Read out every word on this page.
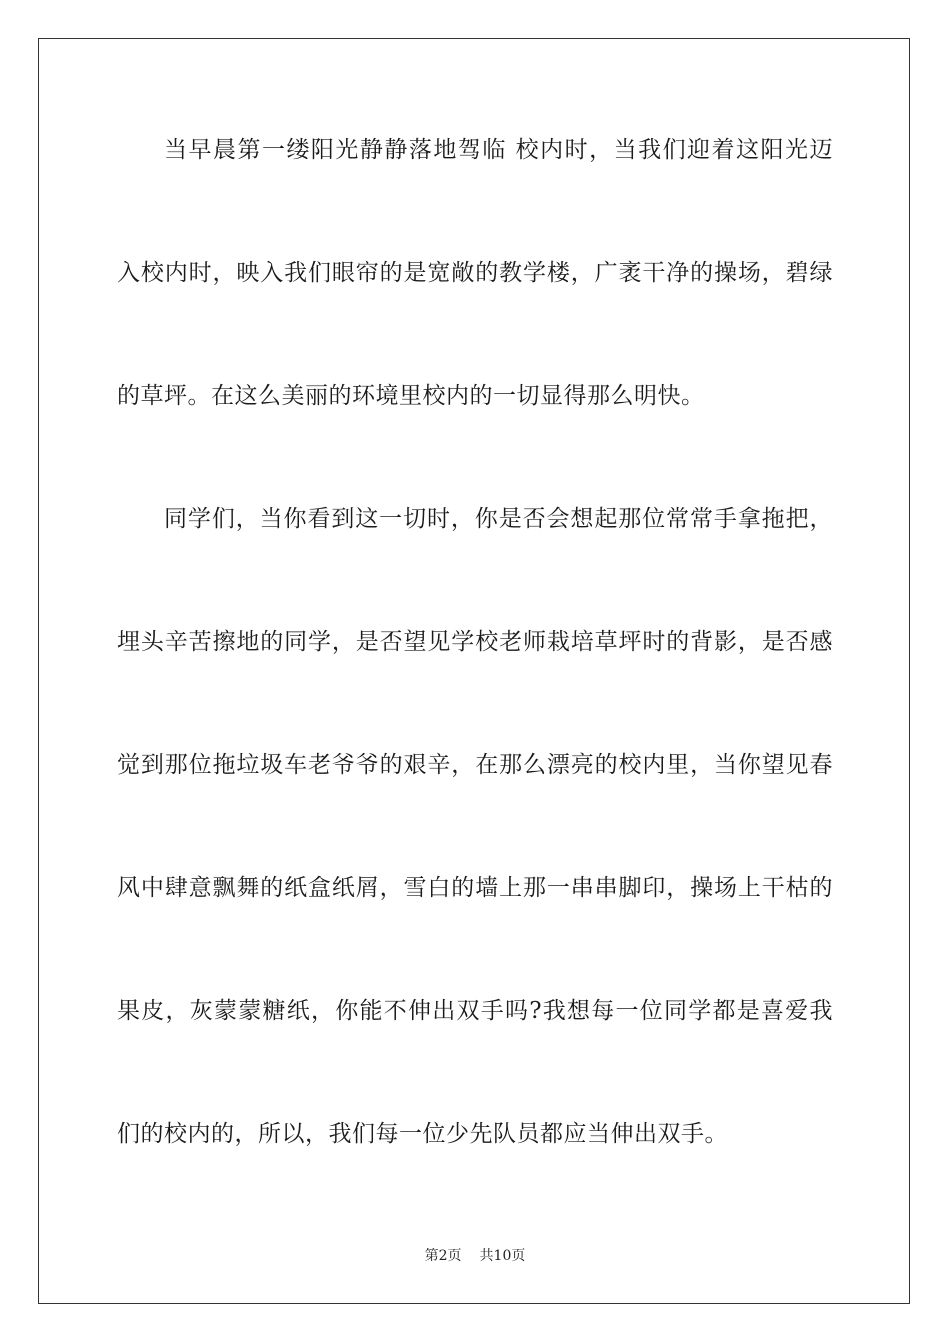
当早晨第一缕阳光静静落地驾临 校内时，当我们迎着这阳光迈
入校内时，映入我们眼帘的是宽敞的教学楼，广袤干净的操场，碧绿
的草坪。在这么美丽的环境里校内的一切显得那么明快。
同学们，当你看到这一切时，你是否会想起那位常常手拿拖把，
埋头辛苦擦地的同学，是否望见学校老师栽培草坪时的背影，是否感
觉到那位拖垃圾车老爷爷的艰辛，在那么漂亮的校内里，当你望见春
风中肆意飘舞的纸盒纸屑，雪白的墙上那一串串脚印，操场上干枯的
果皮，灰蒙蒙糖纸，你能不伸出双手吗?我想每一位同学都是喜爱我
们的校内的，所以，我们每一位少先队员都应当伸出双手。
第2页 共10页
